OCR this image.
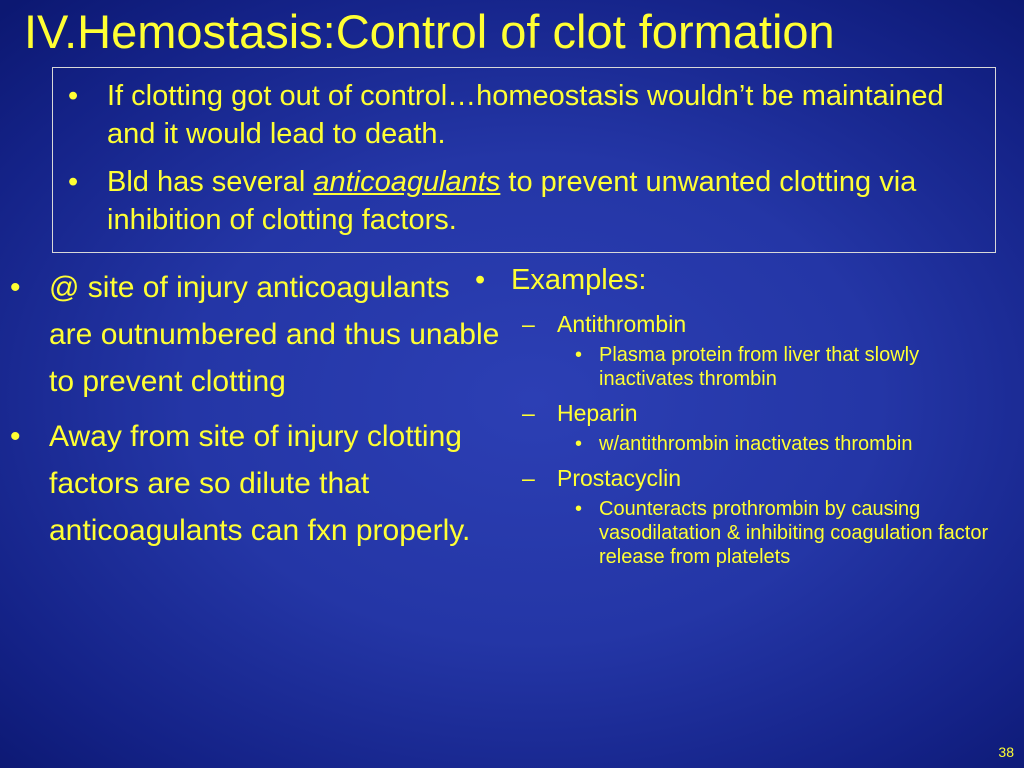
IV.Hemostasis:Control of clot formation
• If clotting got out of control…homeostasis wouldn’t be maintained and it would lead to death.
• Bld has several anticoagulants to prevent unwanted clotting via inhibition of clotting factors.
• @ site of injury anticoagulants are outnumbered and thus unable to prevent clotting
• Away from site of injury clotting factors are so dilute that anticoagulants can fxn properly.
• Examples:
– Antithrombin
• Plasma protein from liver that slowly inactivates thrombin
– Heparin
• w/antithrombin inactivates thrombin
– Prostacyclin
• Counteracts prothrombin by causing vasodilatation & inhibiting coagulation factor release from platelets
38
